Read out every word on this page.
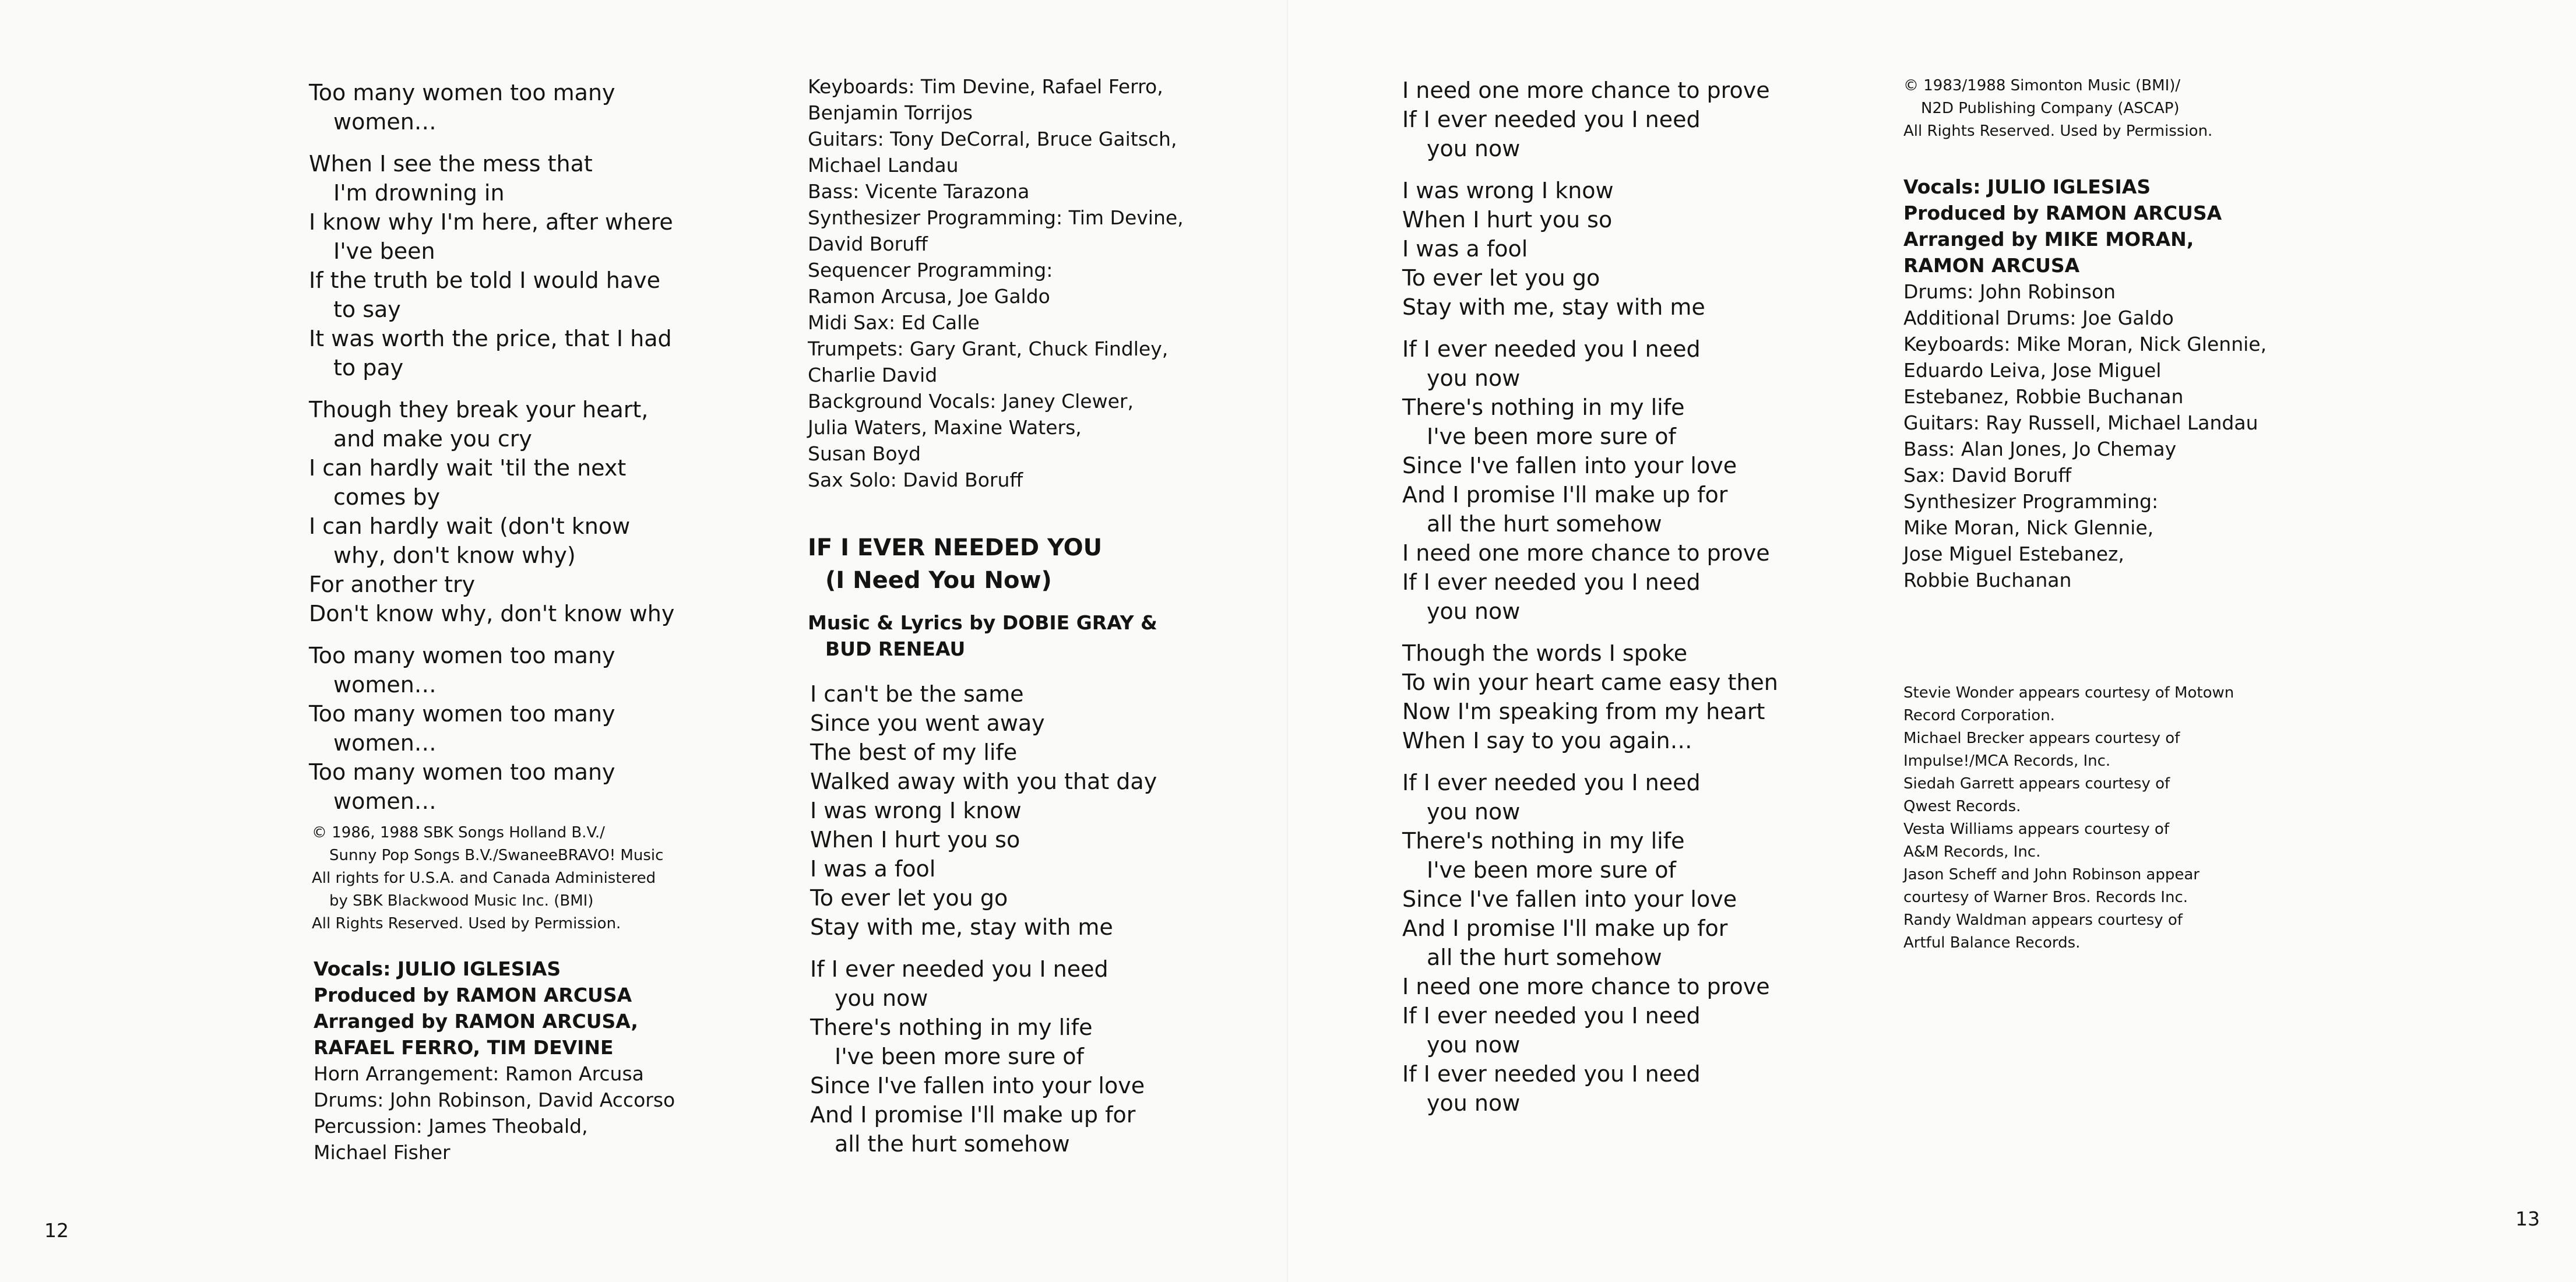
Too many women too many
women…
When I see the mess that
I'm drowning in
I know why I'm here, after where
I've been
If the truth be told I would have
to say
It was worth the price, that I had
to pay
Though they break your heart,
and make you cry
I can hardly wait 'til the next
comes by
I can hardly wait (don't know
why, don't know why)
For another try
Don't know why, don't know why
Too many women too many
women…
Too many women too many
women…
Too many women too many
women…
© 1986, 1988 SBK Songs Holland B.V./
Sunny Pop Songs B.V./SwaneeBRAVO! Music
All rights for U.S.A. and Canada Administered
by SBK Blackwood Music Inc. (BMI)
All Rights Reserved. Used by Permission.
Vocals: JULIO IGLESIAS
Produced by RAMON ARCUSA
Arranged by RAMON ARCUSA,
RAFAEL FERRO, TIM DEVINE
Horn Arrangement: Ramon Arcusa
Drums: John Robinson, David Accorso
Percussion: James Theobald,
Michael Fisher
Keyboards: Tim Devine, Rafael Ferro,
Benjamin Torrijos
Guitars: Tony DeCorral, Bruce Gaitsch,
Michael Landau
Bass: Vicente Tarazona
Synthesizer Programming: Tim Devine,
David Boruff
Sequencer Programming:
Ramon Arcusa, Joe Galdo
Midi Sax: Ed Calle
Trumpets: Gary Grant, Chuck Findley,
Charlie David
Background Vocals: Janey Clewer,
Julia Waters, Maxine Waters,
Susan Boyd
Sax Solo: David Boruff
IF I EVER NEEDED YOU
(I Need You Now)
Music & Lyrics by DOBIE GRAY &
BUD RENEAU
I can't be the same
Since you went away
The best of my life
Walked away with you that day
I was wrong I know
When I hurt you so
I was a fool
To ever let you go
Stay with me, stay with me
If I ever needed you I need
you now
There's nothing in my life
I've been more sure of
Since I've fallen into your love
And I promise I'll make up for
all the hurt somehow
12
I need one more chance to prove
If I ever needed you I need
you now
I was wrong I know
When I hurt you so
I was a fool
To ever let you go
Stay with me, stay with me
If I ever needed you I need
you now
There's nothing in my life
I've been more sure of
Since I've fallen into your love
And I promise I'll make up for
all the hurt somehow
I need one more chance to prove
If I ever needed you I need
you now
Though the words I spoke
To win your heart came easy then
Now I'm speaking from my heart
When I say to you again…
If I ever needed you I need
you now
There's nothing in my life
I've been more sure of
Since I've fallen into your love
And I promise I'll make up for
all the hurt somehow
I need one more chance to prove
If I ever needed you I need
you now
If I ever needed you I need
you now
© 1983/1988 Simonton Music (BMI)/
N2D Publishing Company (ASCAP)
All Rights Reserved. Used by Permission.
Vocals: JULIO IGLESIAS
Produced by RAMON ARCUSA
Arranged by MIKE MORAN,
RAMON ARCUSA
Drums: John Robinson
Additional Drums: Joe Galdo
Keyboards: Mike Moran, Nick Glennie,
Eduardo Leiva, Jose Miguel
Estebanez, Robbie Buchanan
Guitars: Ray Russell, Michael Landau
Bass: Alan Jones, Jo Chemay
Sax: David Boruff
Synthesizer Programming:
Mike Moran, Nick Glennie,
Jose Miguel Estebanez,
Robbie Buchanan
Stevie Wonder appears courtesy of Motown
Record Corporation.
Michael Brecker appears courtesy of
Impulse!/MCA Records, Inc.
Siedah Garrett appears courtesy of
Qwest Records.
Vesta Williams appears courtesy of
A&M Records, Inc.
Jason Scheff and John Robinson appear
courtesy of Warner Bros. Records Inc.
Randy Waldman appears courtesy of
Artful Balance Records.
13
